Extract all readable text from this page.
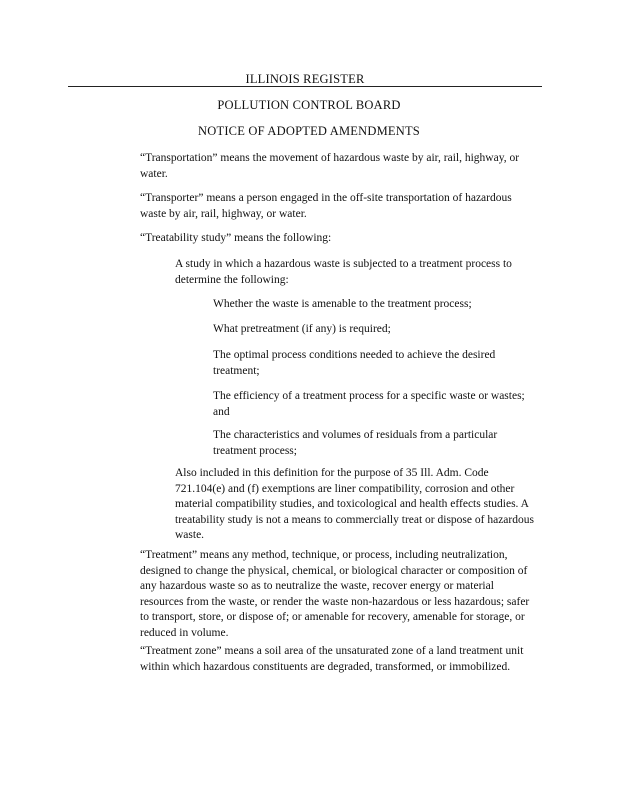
ILLINOIS REGISTER
POLLUTION CONTROL BOARD
NOTICE OF ADOPTED AMENDMENTS

“Transportation” means the movement of hazardous waste by air, rail, highway, or water.

“Transporter” means a person engaged in the off-site transportation of hazardous waste by air, rail, highway, or water.

“Treatability study” means the following:

A study in which a hazardous waste is subjected to a treatment process to determine the following:

Whether the waste is amenable to the treatment process;

What pretreatment (if any) is required;

The optimal process conditions needed to achieve the desired treatment;

The efficiency of a treatment process for a specific waste or wastes; and

The characteristics and volumes of residuals from a particular treatment process;

Also included in this definition for the purpose of 35 Ill. Adm. Code 721.104(e) and (f) exemptions are liner compatibility, corrosion and other material compatibility studies, and toxicological and health effects studies. A treatability study is not a means to commercially treat or dispose of hazardous waste.

“Treatment” means any method, technique, or process, including neutralization, designed to change the physical, chemical, or biological character or composition of any hazardous waste so as to neutralize the waste, recover energy or material resources from the waste, or render the waste non-hazardous or less hazardous; safer to transport, store, or dispose of; or amenable for recovery, amenable for storage, or reduced in volume.

“Treatment zone” means a soil area of the unsaturated zone of a land treatment unit within which hazardous constituents are degraded, transformed, or immobilized.
